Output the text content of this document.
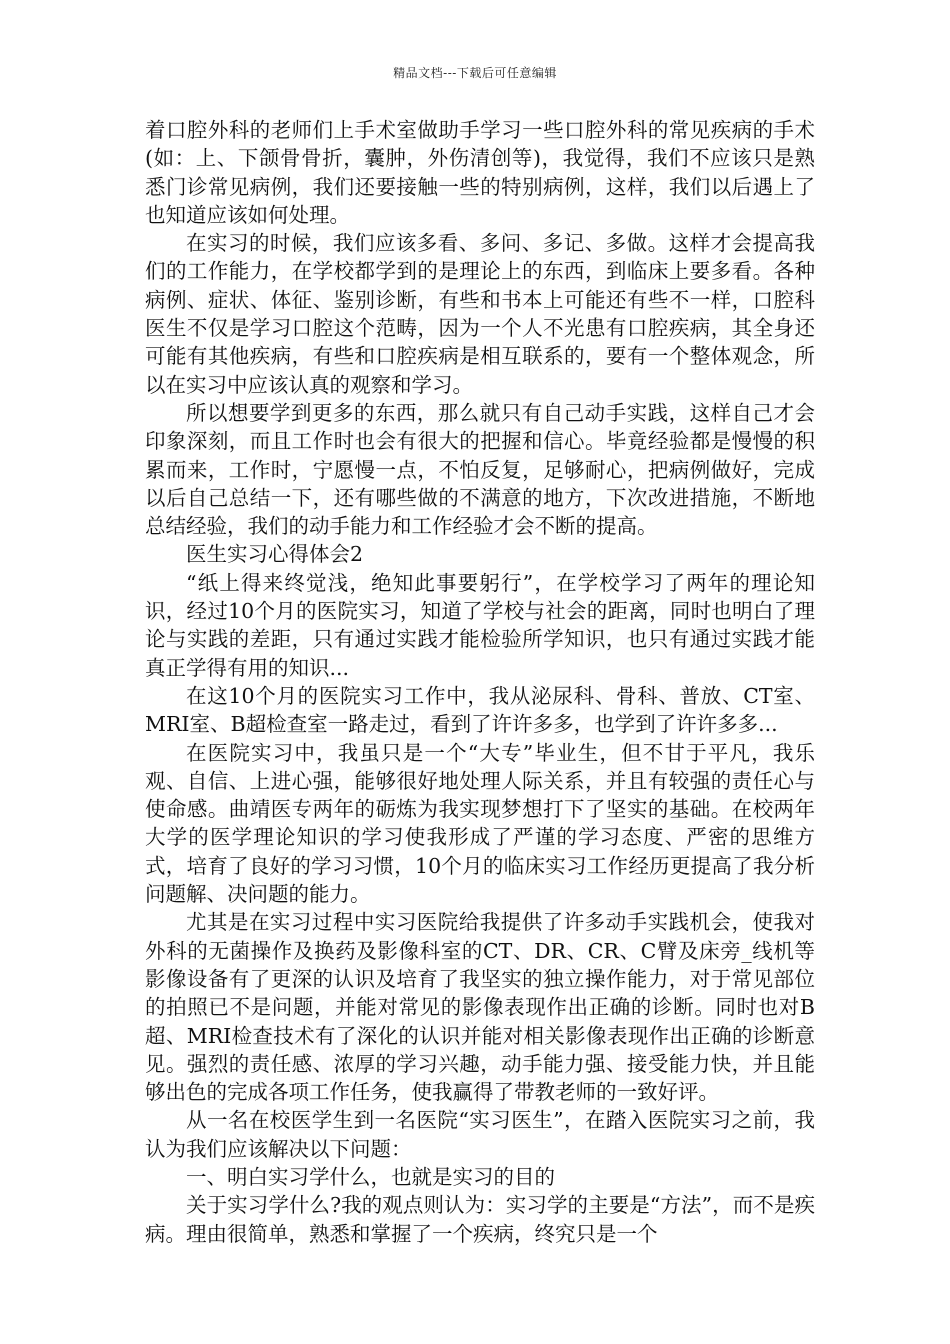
精品文档---下载后可任意编辑

着口腔外科的老师们上手术室做助手学习一些口腔外科的常见疾病的手术(如：上、下颌骨骨折，囊肿，外伤清创等)，我觉得，我们不应该只是熟悉门诊常见病例，我们还要接触一些的特别病例，这样，我们以后遇上了也知道应该如何处理。

在实习的时候，我们应该多看、多问、多记、多做。这样才会提高我们的工作能力，在学校都学到的是理论上的东西，到临床上要多看。各种病例、症状、体征、鉴别诊断，有些和书本上可能还有些不一样，口腔科医生不仅是学习口腔这个范畴，因为一个人不光患有口腔疾病，其全身还可能有其他疾病，有些和口腔疾病是相互联系的，要有一个整体观念，所以在实习中应该认真的观察和学习。

所以想要学到更多的东西，那么就只有自己动手实践，这样自己才会印象深刻，而且工作时也会有很大的把握和信心。毕竟经验都是慢慢的积累而来，工作时，宁愿慢一点，不怕反复，足够耐心，把病例做好，完成以后自己总结一下，还有哪些做的不满意的地方，下次改进措施，不断地总结经验，我们的动手能力和工作经验才会不断的提高。

医生实习心得体会2

“纸上得来终觉浅，绝知此事要躬行”，在学校学习了两年的理论知识，经过10个月的医院实习，知道了学校与社会的距离，同时也明白了理论与实践的差距，只有通过实践才能检验所学知识，也只有通过实践才能真正学得有用的知识...

在这10个月的医院实习工作中，我从泌尿科、骨科、普放、CT室、MRI室、B超检查室一路走过，看到了许许多多，也学到了许许多多...

在医院实习中，我虽只是一个“大专”毕业生，但不甘于平凡，我乐观、自信、上进心强，能够很好地处理人际关系，并且有较强的责任心与使命感。曲靖医专两年的砺炼为我实现梦想打下了坚实的基础。在校两年大学的医学理论知识的学习使我形成了严谨的学习态度、严密的思维方式，培育了良好的学习习惯，10个月的临床实习工作经历更提高了我分析问题解、决问题的能力。

尤其是在实习过程中实习医院给我提供了许多动手实践机会，使我对外科的无菌操作及换药及影像科室的CT、DR、CR、C臂及床旁_线机等影像设备有了更深的认识及培育了我坚实的独立操作能力，对于常见部位的拍照已不是问题，并能对常见的影像表现作出正确的诊断。同时也对B超、MRI检查技术有了深化的认识并能对相关影像表现作出正确的诊断意见。强烈的责任感、浓厚的学习兴趣，动手能力强、接受能力快，并且能够出色的完成各项工作任务，使我赢得了带教老师的一致好评。

从一名在校医学生到一名医院“实习医生”，在踏入医院实习之前，我认为我们应该解决以下问题：

一、明白实习学什么，也就是实习的目的

关于实习学什么?我的观点则认为：实习学的主要是“方法”，而不是疾病。理由很简单，熟悉和掌握了一个疾病，终究只是一个
